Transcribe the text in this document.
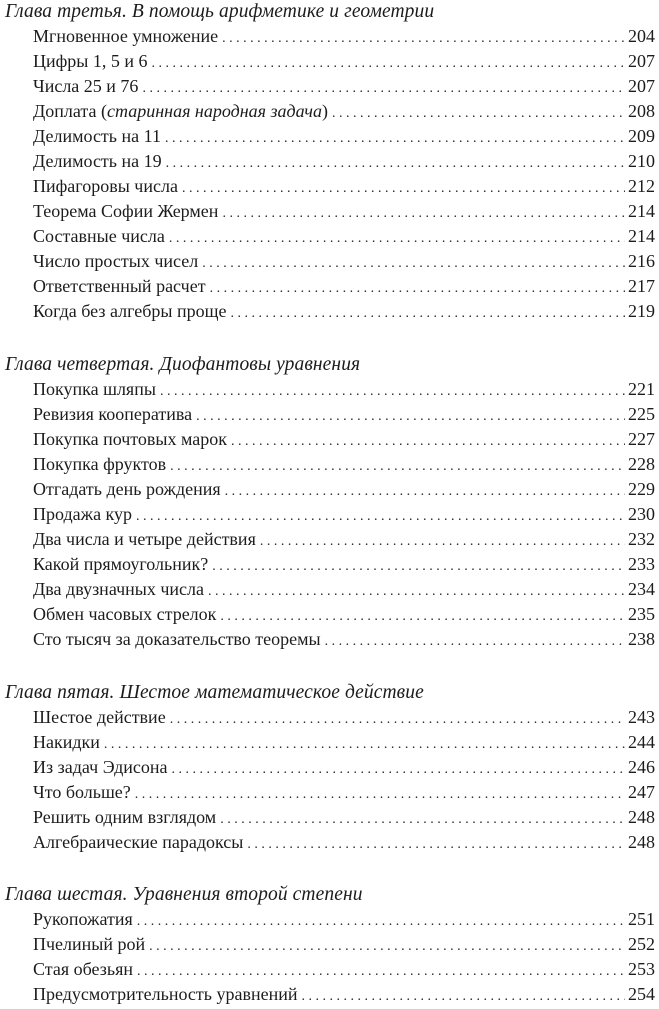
Глава третья. В помощь арифметике и геометрии
Мгновенное умножение . . .	204
Цифры 1, 5 и 6 . . .	207
Числа 25 и 76 . . .	207
Доплата (старинная народная задача) . . .	208
Делимость на 11 . . .	209
Делимость на 19 . . .	210
Пифагоровы числа . . .	212
Теорема Софии Жермен . . .	214
Составные числа . . .	214
Число простых чисел . . .	216
Ответственный расчет . . .	217
Когда без алгебры проще . . .	219
Глава четвертая. Диофантовы уравнения
Покупка шляпы . . .	221
Ревизия кооператива . . .	225
Покупка почтовых марок . . .	227
Покупка фруктов . . .	228
Отгадать день рождения . . .	229
Продажа кур . . .	230
Два числа и четыре действия . . .	232
Какой прямоугольник? . . .	233
Два двузначных числа . . .	234
Обмен часовых стрелок . . .	235
Сто тысяч за доказательство теоремы . . .	238
Глава пятая. Шестое математическое действие
Шестое действие . . .	243
Накидки . . .	244
Из задач Эдисона . . .	246
Что больше? . . .	247
Решить одним взглядом . . .	248
Алгебраические парадоксы . . .	248
Глава шестая. Уравнения второй степени
Рукопожатия . . .	251
Пчелиный рой . . .	252
Стая обезьян . . .	253
Предусмотрительность уравнений . . .	254
